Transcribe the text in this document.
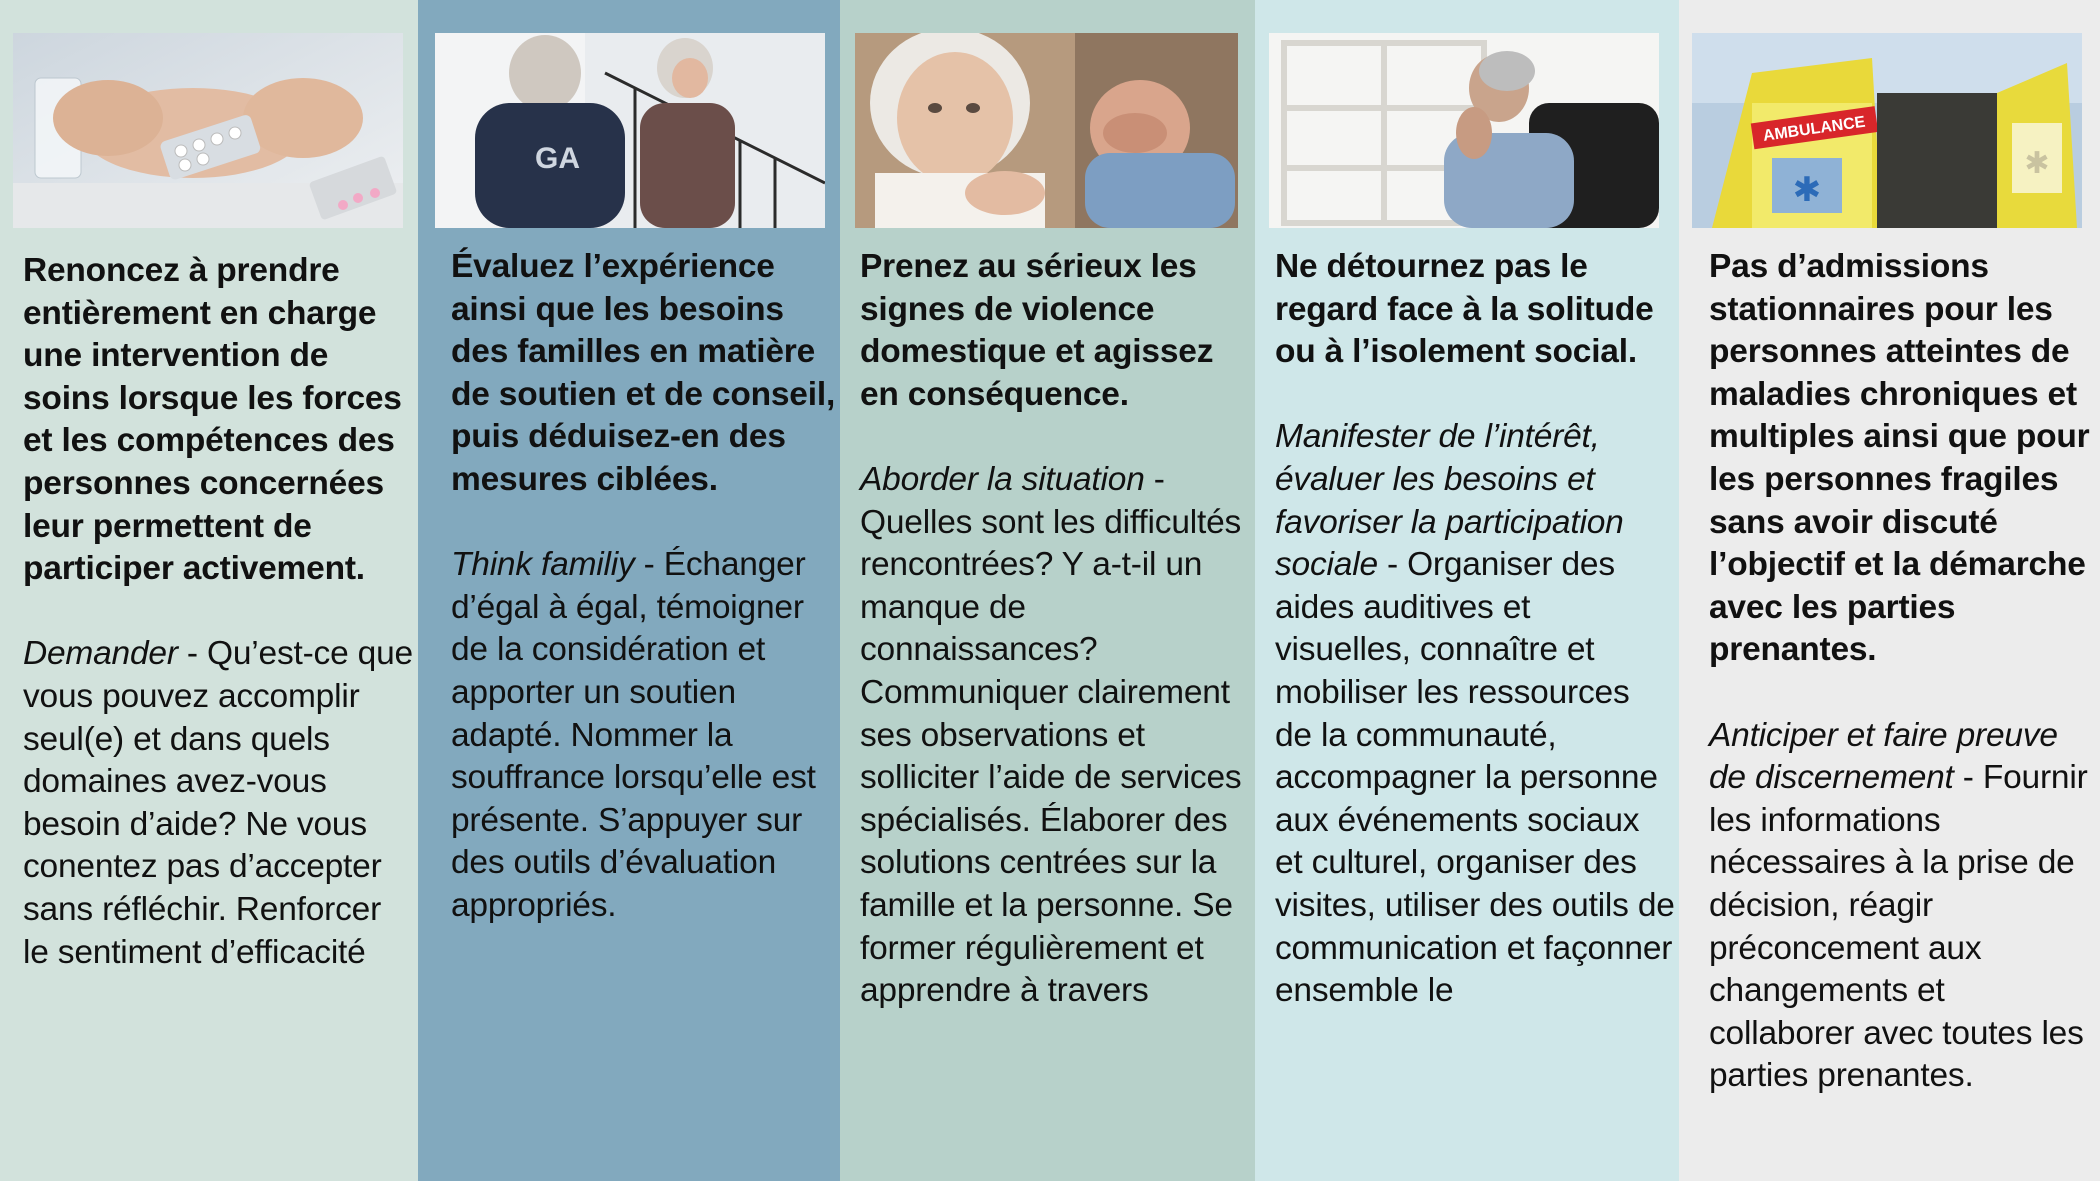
Renoncez à prendre entièrement en charge une intervention de soins lorsque les forces et les compétences des personnes concernées leur permettent de participer activement.

Demander - Qu’est-ce que vous pouvez accomplir seul(e) et dans quels domaines avez-vous besoin d’aide? Ne vous conentez pas d’accepter sans réfléchir. Renforcer le sentiment d’efficacité

GA

Évaluez l’expérience ainsi que les besoins des familles en matière de soutien et de conseil, puis déduisez-en des mesures ciblées.

Think familiy - Échanger d’égal à égal, témoigner de la considération et apporter un soutien adapté. Nommer la souffrance lorsqu’elle est présente. S’appuyer sur des outils d’évaluation appropriés.

Prenez au sérieux les signes de violence domestique et agissez en conséquence.

Aborder la situation - Quelles sont les difficultés rencontrées? Y a-t-il un manque de connaissances? Communiquer clairement ses observations et solliciter l’aide de services spécialisés. Élaborer des solutions centrées sur la famille et la personne. Se former régulièrement et apprendre à travers

Ne détournez pas le regard face à la solitude ou à l’isolement social.

Manifester de l’intérêt, évaluer les besoins et favoriser la participation sociale - Organiser des aides auditives et visuelles, connaître et mobiliser les ressources de la communauté, accompagner la personne aux événements sociaux et culturel, organiser des visites, utiliser des outils de communication et façonner ensemble le

AMBULANCE
✱
✱

Pas d’admissions stationnaires pour les personnes atteintes de maladies chroniques et multiples ainsi que pour les personnes fragiles sans avoir discuté l’objectif et la démarche avec les parties prenantes.

Anticiper et faire preuve de discernement - Fournir les informations nécessaires à la prise de décision, réagir préconcement aux changements et collaborer avec toutes les parties prenantes.
